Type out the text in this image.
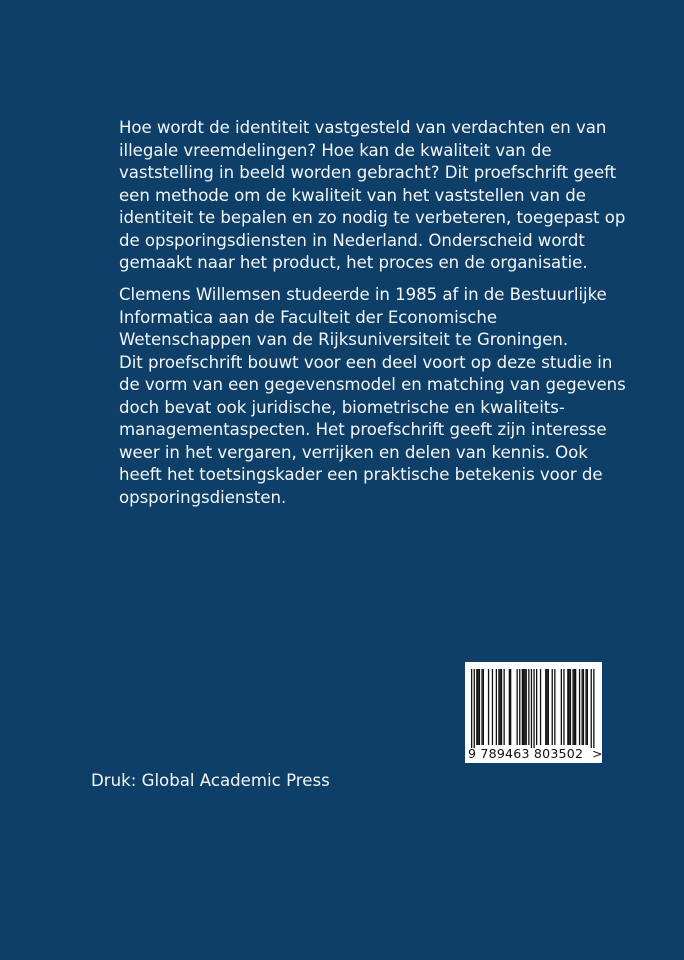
Hoe wordt de identiteit vastgesteld van verdachten en van
illegale vreemdelingen? Hoe kan de kwaliteit van de
vaststelling in beeld worden gebracht? Dit proefschrift geeft
een methode om de kwaliteit van het vaststellen van de
identiteit te bepalen en zo nodig te verbeteren, toegepast op
de opsporingsdiensten in Nederland. Onderscheid wordt
gemaakt naar het product, het proces en de organisatie.

Clemens Willemsen studeerde in 1985 af in de Bestuurlijke
Informatica aan de Faculteit der Economische
Wetenschappen van de Rijksuniversiteit te Groningen.
Dit proefschrift bouwt voor een deel voort op deze studie in
de vorm van een gegevensmodel en matching van gegevens
doch bevat ook juridische, biometrische en kwaliteits-
managementaspecten. Het proefschrift geeft zijn interesse
weer in het vergaren, verrijken en delen van kennis. Ook
heeft het toetsingskader een praktische betekenis voor de
opsporingsdiensten.

9 789463 803502 >
Druk: Global Academic Press
